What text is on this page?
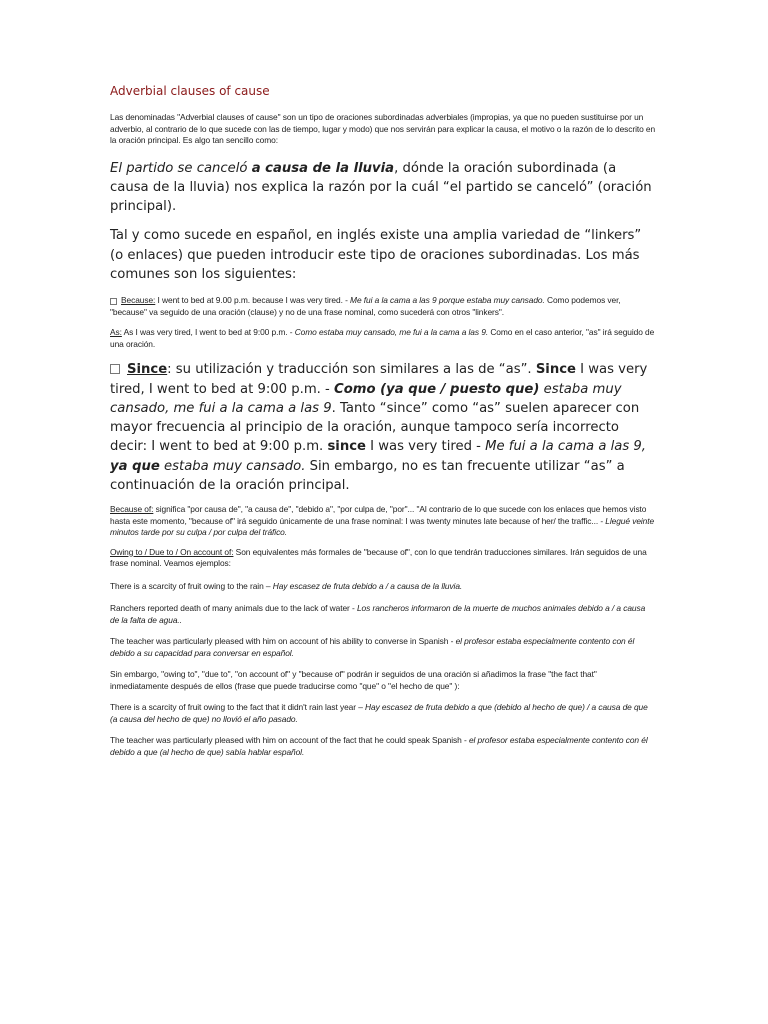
Adverbial clauses of cause

Las denominadas "Adverbial clauses of cause" son un tipo de oraciones subordinadas adverbiales (impropias, ya que no pueden sustituirse por un adverbio, al contrario de lo que sucede con las de tiempo, lugar y modo) que nos servirán para explicar la causa, el motivo o la razón de lo descrito en la oración principal. Es algo tan sencillo como:

El partido se canceló a causa de la lluvia, dónde la oración subordinada (a causa de la lluvia) nos explica la razón por la cuál “el partido se canceló” (oración principal).

Tal y como sucede en español, en inglés existe una amplia variedad de “linkers” (o enlaces) que pueden introducir este tipo de oraciones subordinadas. Los más comunes son los siguientes:

Because: I went to bed at 9.00 p.m. because I was very tired. - Me fui a la cama a las 9 porque estaba muy cansado. Como podemos ver, "because" va seguido de una oración (clause) y no de una frase nominal, como sucederá con otros "linkers".

As: As I was very tired, I went to bed at 9:00 p.m. - Como estaba muy cansado, me fui a la cama a las 9. Como en el caso anterior, "as" irá seguido de una oración.

Since: su utilización y traducción son similares a las de “as”. Since I was very tired, I went to bed at 9:00 p.m. - Como (ya que / puesto que) estaba muy cansado, me fui a la cama a las 9. Tanto “since” como “as” suelen aparecer con mayor frecuencia al principio de la oración, aunque tampoco sería incorrecto decir: I went to bed at 9:00 p.m. since I was very tired - Me fui a la cama a las 9, ya que estaba muy cansado. Sin embargo, no es tan frecuente utilizar “as” a continuación de la oración principal.

Because of: significa "por causa de", "a causa de", "debido a", "por culpa de, "por"... "Al contrario de lo que sucede con los enlaces que hemos visto hasta este momento, "because of" irá seguido únicamente de una frase nominal: I was twenty minutes late because of her/ the traffic... - Llegué veinte minutos tarde por su culpa / por culpa del tráfico.

Owing to / Due to / On account of: Son equivalentes más formales de "because of", con lo que tendrán traducciones similares. Irán seguidos de una frase nominal. Veamos ejemplos:

There is a scarcity of fruit owing to the rain – Hay escasez de fruta debido a / a causa de la lluvia.

Ranchers reported death of many animals due to the lack of water - Los rancheros informaron de la muerte de muchos animales debido a / a causa de la falta de agua..

The teacher was particularly pleased with him on account of his ability to converse in Spanish - el profesor estaba especialmente contento con él debido a su capacidad para conversar en español.

Sin embargo, "owing to", "due to", "on account of" y "because of" podrán ir seguidos de una oración si añadimos la frase "the fact that" inmediatamente después de ellos (frase que puede traducirse como "que" o "el hecho de que" ):

There is a scarcity of fruit owing to the fact that it didn't rain last year – Hay escasez de fruta debido a que (debido al hecho de que) / a causa de que (a causa del hecho de que) no llovió el año pasado.

The teacher was particularly pleased with him on account of the fact that he could speak Spanish - el profesor estaba especialmente contento con él debido a que (al hecho de que) sabía hablar español.
